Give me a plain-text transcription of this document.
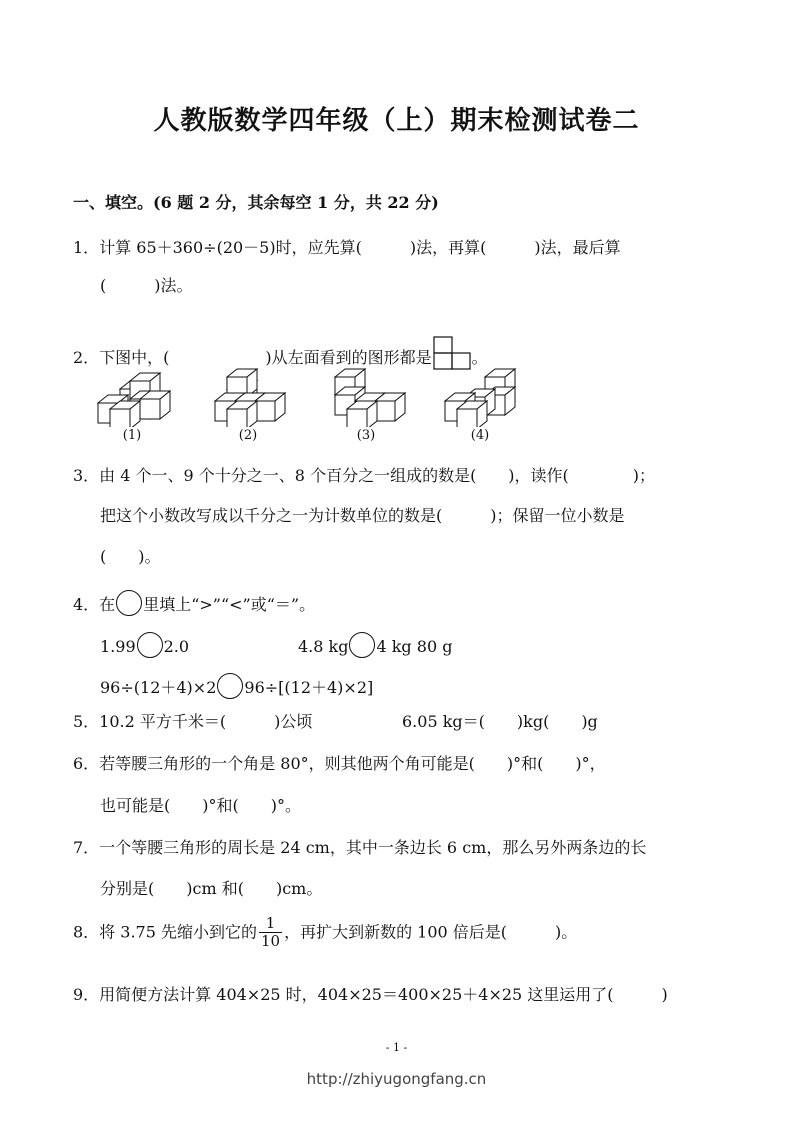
人教版数学四年级（上）期末检测试卷二
一、填空。(6 题 2 分，其余每空 1 分，共 22 分)
1．计算 65＋360÷(20－5)时，应先算(　　　)法，再算(　　　)法，最后算
(　　　)法。
2．下图中，(　　　　　　)从左面看到的图形都是	。
(1)	(2)	(3)	(4)
3．由 4 个一、9 个十分之一、8 个百分之一组成的数是(　　)，读作(　　　　)；
把这个小数改写成以千分之一为计数单位的数是(　　　)；保留一位小数是
(　　)。
4．在 里填上“>”“<”或“＝”。
1.99 2.0	4.8 kg 4 kg 80 g
96÷(12＋4)×2 96÷[(12＋4)×2]
5．10.2 平方千米＝(　　　)公顷	6.05 kg＝(　　)kg(　　)g
6．若等腰三角形的一个角是 80°，则其他两个角可能是(　　)°和(　　)°，
也可能是(　　)°和(　　)°。
7．一个等腰三角形的周长是 24 cm，其中一条边长 6 cm，那么另外两条边的长
分别是(　　)cm 和(　　)cm。
8．将 3.75 先缩小到它的 $\frac{1}{10}$ ，再扩大到新数的 100 倍后是(　　　)。
9．用简便方法计算 404×25 时，404×25＝400×25＋4×25 这里运用了(　　　)
- 1 -
http://zhiyugongfang.cn
